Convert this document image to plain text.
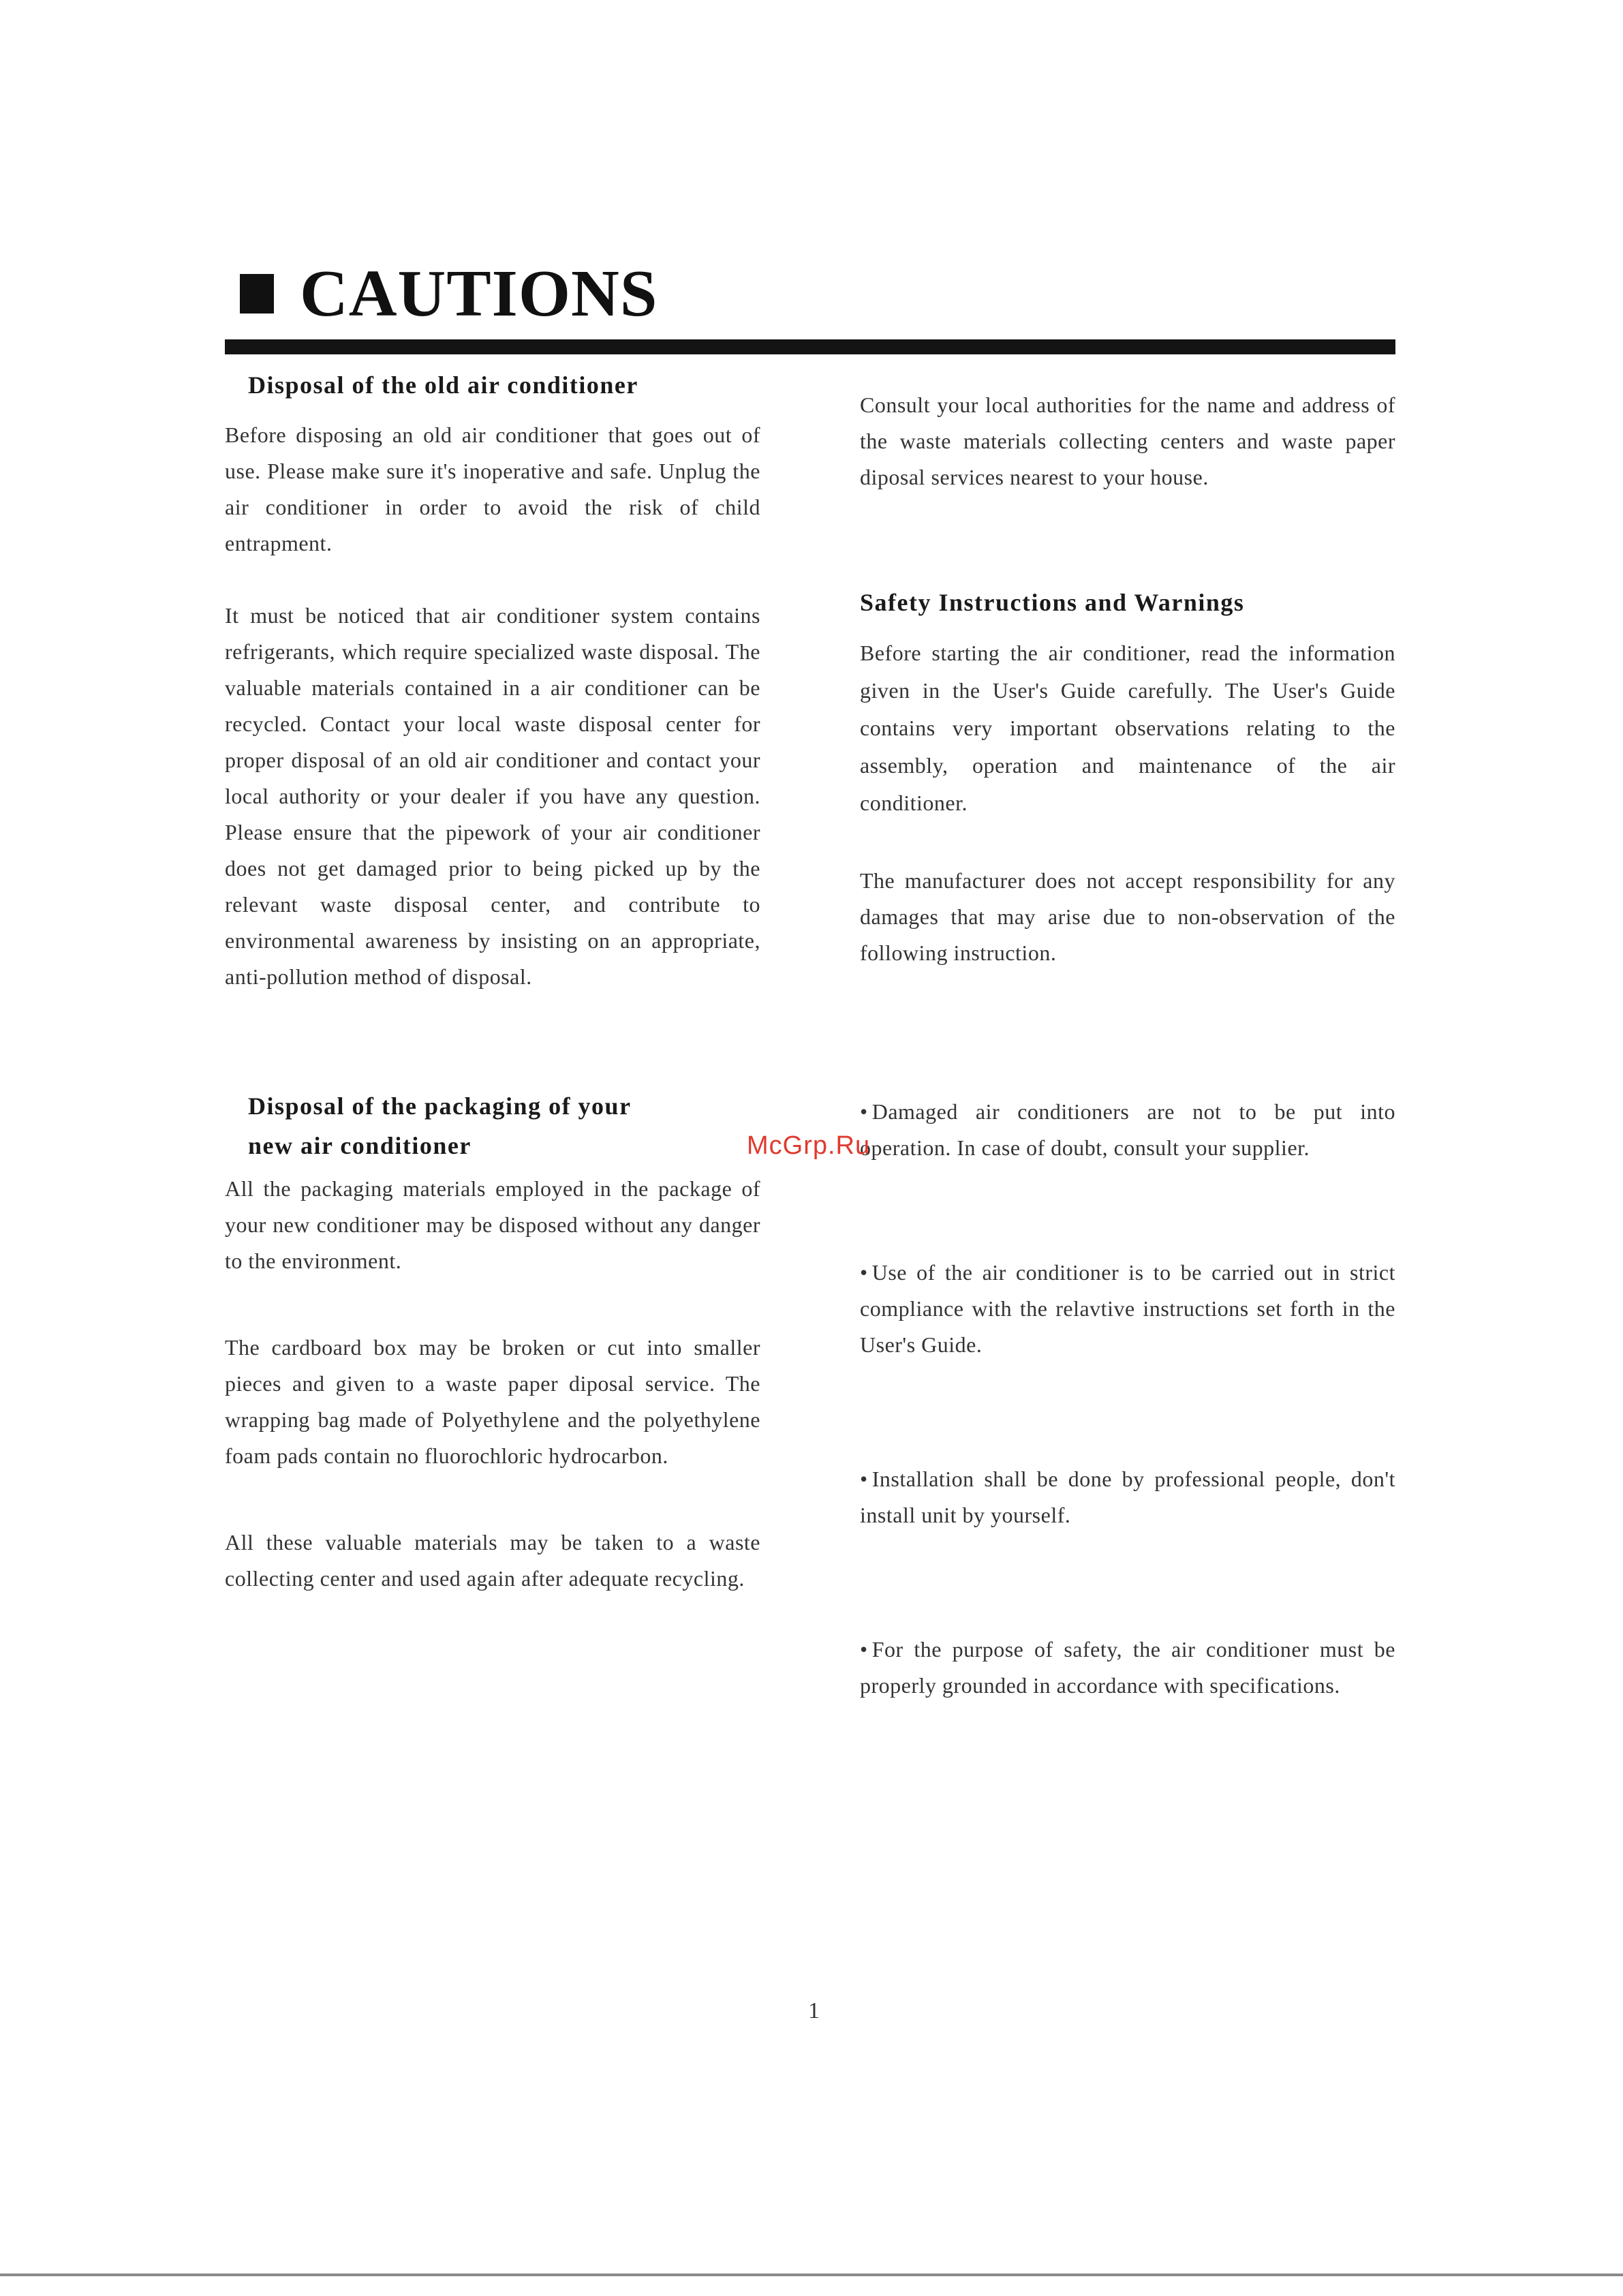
CAUTIONS
Disposal of the old air conditioner

Before disposing an old air conditioner that goes out of use. Please make sure it's inoperative and safe. Unplug the air conditioner in order to avoid the risk of child entrapment.

It must be noticed that air conditioner system contains refrigerants, which require specialized waste disposal. The valuable materials contained in a air conditioner can be recycled. Contact your local waste disposal center for proper disposal of an old air conditioner and contact your local authority or your dealer if you have any question. Please ensure that the pipework of your air conditioner does not get damaged prior to being picked up by the relevant waste disposal center, and contribute to environmental awareness by insisting on an appropriate, anti-pollution method of disposal.

Disposal of the packaging of your
new air conditioner

All the packaging materials employed in the package of your new conditioner may be disposed without any danger to the environment.

The cardboard box may be broken or cut into smaller pieces and given to a waste paper diposal service. The wrapping bag made of Polyethylene and the polyethylene foam pads contain no fluorochloric hydrocarbon.

All these valuable materials may be taken to a waste collecting center and used again after adequate recycling.

Consult your local authorities for the name and address of the waste materials collecting centers and waste paper diposal services nearest to your house.

Safety Instructions and Warnings

Before starting the air conditioner, read the information given in the User's Guide carefully. The User's Guide contains very important observations relating to the assembly, operation and maintenance of the air conditioner.

The manufacturer does not accept responsibility for any damages that may arise due to non-observation of the following instruction.

• Damaged air conditioners are not to be put into operation. In case of doubt, consult your supplier.

• Use of the air conditioner is to be carried out in strict compliance with the relavtive instructions set forth in the User's Guide.

• Installation shall be done by professional people, don't install unit by yourself.

• For the purpose of safety, the air conditioner must be properly grounded in accordance with specifications.

McGrp.Ru
1
